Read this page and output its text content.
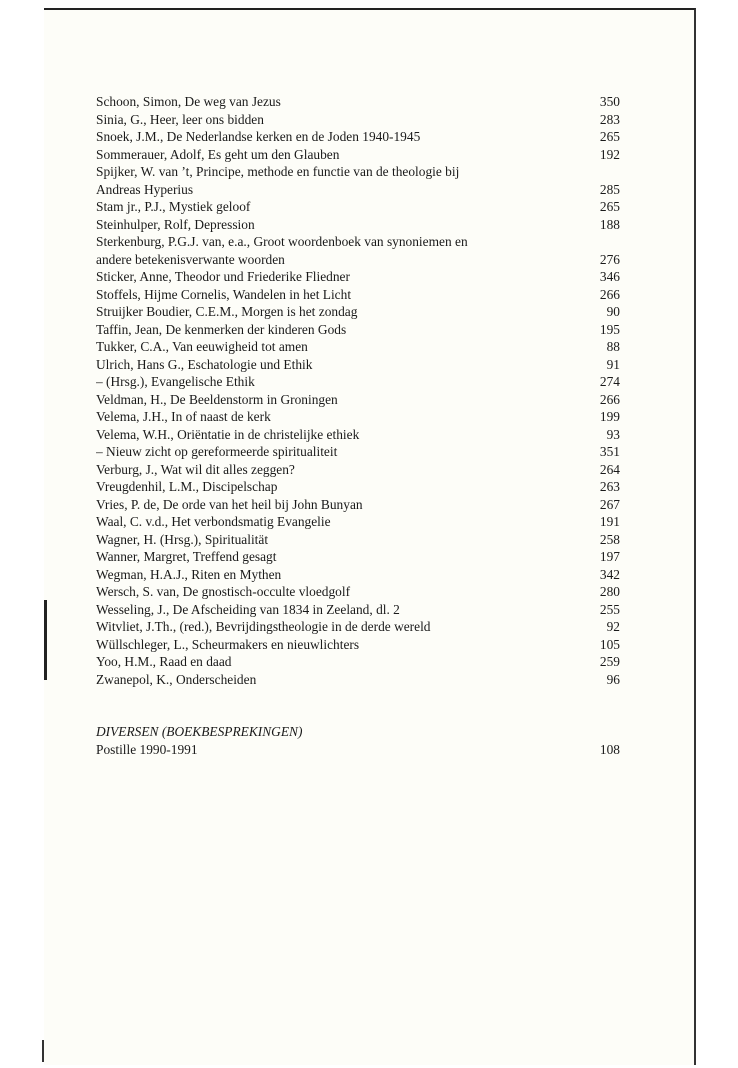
Schoon, Simon, De weg van Jezus	350
Sinia, G., Heer, leer ons bidden	283
Snoek, J.M., De Nederlandse kerken en de Joden 1940-1945	265
Sommerauer, Adolf, Es geht um den Glauben	192
Spijker, W. van ’t, Principe, methode en functie van de theologie bij
Andreas Hyperius	285
Stam jr., P.J., Mystiek geloof	265
Steinhulper, Rolf, Depression	188
Sterkenburg, P.G.J. van, e.a., Groot woordenboek van synoniemen en
andere betekenisverwante woorden	276
Sticker, Anne, Theodor und Friederike Fliedner	346
Stoffels, Hijme Cornelis, Wandelen in het Licht	266
Struijker Boudier, C.E.M., Morgen is het zondag	90
Taffin, Jean, De kenmerken der kinderen Gods	195
Tukker, C.A., Van eeuwigheid tot amen	88
Ulrich, Hans G., Eschatologie und Ethik	91
– (Hrsg.), Evangelische Ethik	274
Veldman, H., De Beeldenstorm in Groningen	266
Velema, J.H., In of naast de kerk	199
Velema, W.H., Oriëntatie in de christelijke ethiek	93
– Nieuw zicht op gereformeerde spiritualiteit	351
Verburg, J., Wat wil dit alles zeggen?	264
Vreugdenhil, L.M., Discipelschap	263
Vries, P. de, De orde van het heil bij John Bunyan	267
Waal, C. v.d., Het verbondsmatig Evangelie	191
Wagner, H. (Hrsg.), Spiritualität	258
Wanner, Margret, Treffend gesagt	197
Wegman, H.A.J., Riten en Mythen	342
Wersch, S. van, De gnostisch-occulte vloedgolf	280
Wesseling, J., De Afscheiding van 1834 in Zeeland, dl. 2	255
Witvliet, J.Th., (red.), Bevrijdingstheologie in de derde wereld	92
Wüllschleger, L., Scheurmakers en nieuwlichters	105
Yoo, H.M., Raad en daad	259
Zwanepol, K., Onderscheiden	96
DIVERSEN (BOEKBESPREKINGEN)
Postille 1990-1991	108
